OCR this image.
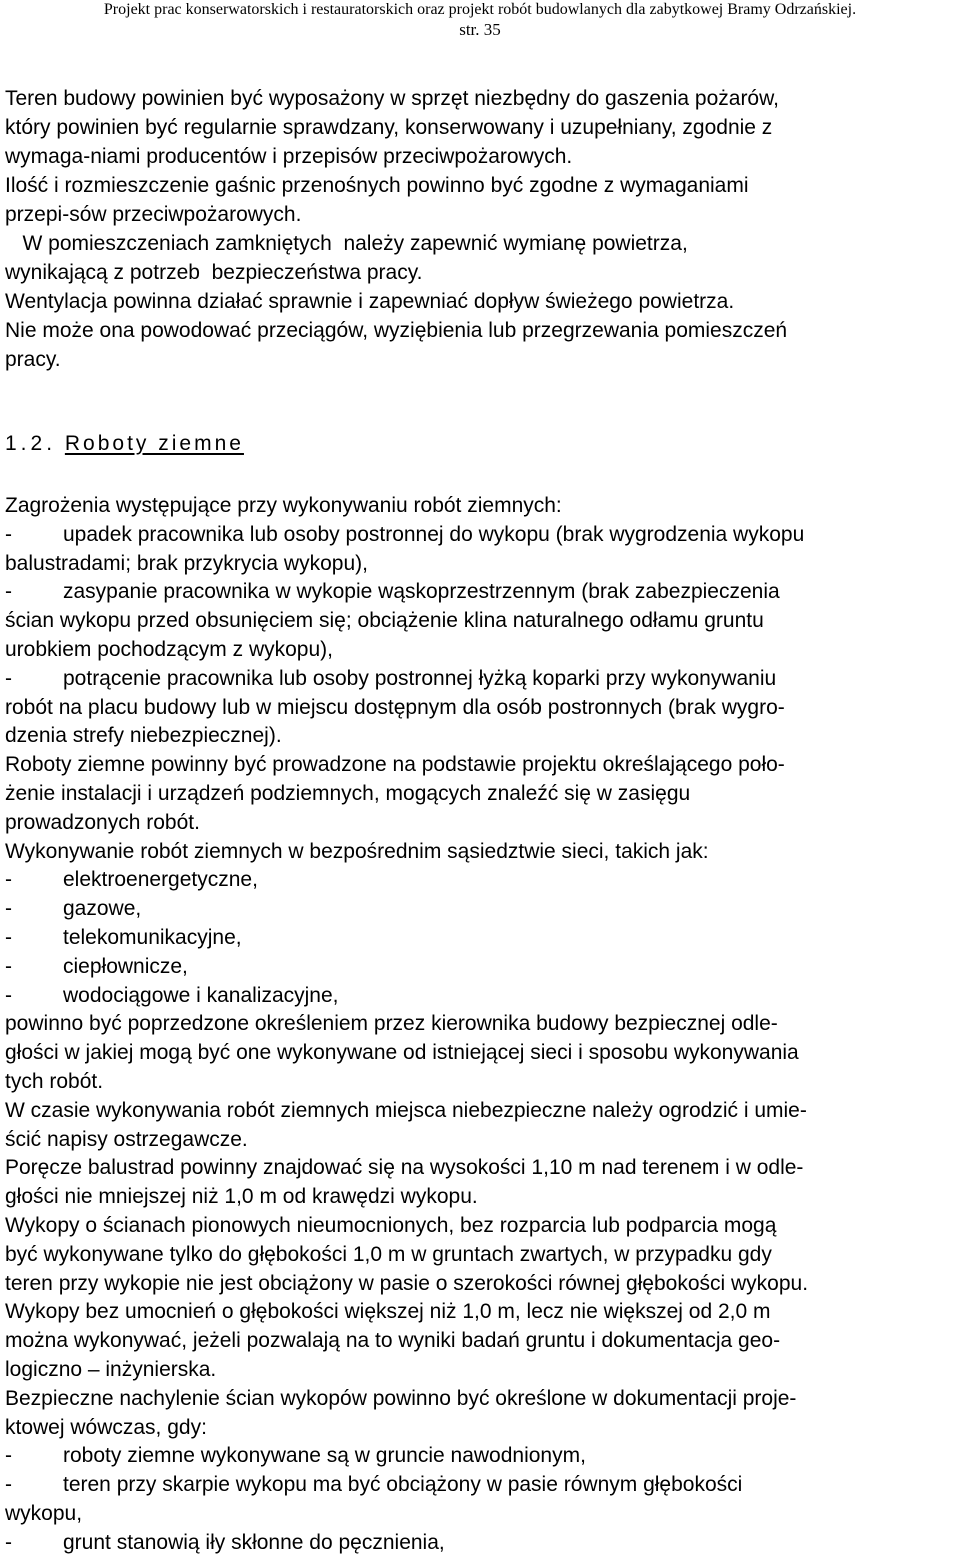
Projekt prac konserwatorskich i restauratorskich oraz projekt robót budowlanych dla zabytkowej Bramy Odrzańskiej.
str. 35
Teren budowy powinien być wyposażony w sprzęt niezbędny do gaszenia pożarów,
który powinien być regularnie sprawdzany, konserwowany i uzupełniany, zgodnie z
wymaga-niami producentów i przepisów przeciwpożarowych.
Ilość i rozmieszczenie gaśnic przenośnych powinno być zgodne z wymaganiami
przepi-sów przeciwpożarowych.
W pomieszczeniach zamkniętych  należy zapewnić wymianę powietrza,
wynikającą z potrzeb  bezpieczeństwa pracy.
Wentylacja powinna działać sprawnie i zapewniać dopływ świeżego powietrza.
Nie może ona powodować przeciągów, wyziębienia lub przegrzewania pomieszczeń
pracy.
1.2. Roboty ziemne
Zagrożenia występujące przy wykonywaniu robót ziemnych:
- upadek pracownika lub osoby postronnej do wykopu (brak wygrodzenia wykopu
balustradami; brak przykrycia wykopu),
- zasypanie pracownika w wykopie wąskoprzestrzennym (brak zabezpieczenia
ścian wykopu przed obsunięciem się; obciążenie klina naturalnego odłamu gruntu
urobkiem pochodzącym z wykopu),
- potrącenie pracownika lub osoby postronnej łyżką koparki przy wykonywaniu
robót na placu budowy lub w miejscu dostępnym dla osób postronnych (brak wygro-
dzenia strefy niebezpiecznej).
Roboty ziemne powinny być prowadzone na podstawie projektu określającego poło-
żenie instalacji i urządzeń podziemnych, mogących znaleźć się w zasięgu
prowadzonych robót.
Wykonywanie robót ziemnych w bezpośrednim sąsiedztwie sieci, takich jak:
- elektroenergetyczne,
- gazowe,
- telekomunikacyjne,
- ciepłownicze,
- wodociągowe i kanalizacyjne,
powinno być poprzedzone określeniem przez kierownika budowy bezpiecznej odle-
głości w jakiej mogą być one wykonywane od istniejącej sieci i sposobu wykonywania
tych robót.
W czasie wykonywania robót ziemnych miejsca niebezpieczne należy ogrodzić i umie-
ścić napisy ostrzegawcze.
Poręcze balustrad powinny znajdować się na wysokości 1,10 m nad terenem i w odle-
głości nie mniejszej niż 1,0 m od krawędzi wykopu.
Wykopy o ścianach pionowych nieumocnionych, bez rozparcia lub podparcia mogą
być wykonywane tylko do głębokości 1,0 m w gruntach zwartych, w przypadku gdy
teren przy wykopie nie jest obciążony w pasie o szerokości równej głębokości wykopu.
Wykopy bez umocnień o głębokości większej niż 1,0 m, lecz nie większej od 2,0 m
można wykonywać, jeżeli pozwalają na to wyniki badań gruntu i dokumentacja geo-
logiczno – inżynierska.
Bezpieczne nachylenie ścian wykopów powinno być określone w dokumentacji proje-
ktowej wówczas, gdy:
- roboty ziemne wykonywane są w gruncie nawodnionym,
- teren przy skarpie wykopu ma być obciążony w pasie równym głębokości
wykopu,
- grunt stanowią iły skłonne do pęcznienia,
